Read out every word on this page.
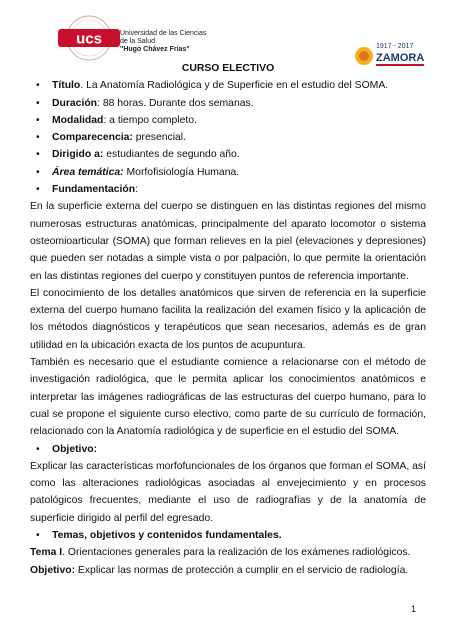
ucs	Universidad de las Ciencias
de la Salud
"Hugo Chávez Frías"	1917 - 2017
ZAMORA

CURSO ELECTIVO

• Título. La Anatomía Radiológica y de Superficie en el estudio del SOMA.

• Duración: 88 horas. Durante dos semanas.

• Modalidad: a tiempo completo.

• Comparecencia: presencial.

• Dirigido a: estudiantes de segundo año.

• Área temática: Morfofisiología Humana.

• Fundamentación:

En la superficie externa del cuerpo se distinguen en las distintas regiones del mismo numerosas estructuras anatómicas, principalmente del aparato locomotor o sistema osteomioarticular (SOMA) que forman relieves en la piel (elevaciones y depresiones) que pueden ser notadas a simple vista o por palpación, lo que permite la orientación en las distintas regiones del cuerpo y constituyen puntos de referencia importante.

El conocimiento de los detalles anatómicos que sirven de referencia en la superficie externa del cuerpo humano facilita la realización del examen físico y la aplicación de los métodos diagnósticos y terapéuticos que sean necesarios, además es de gran utilidad en la ubicación exacta de los puntos de acupuntura.

También es necesario que el estudiante comience a relacionarse con el método de investigación radiológica, que le permita aplicar los conocimientos anatómicos e interpretar las imágenes radiográficas de las estructuras del cuerpo humano, para lo cual se propone el siguiente curso electivo, como parte de su currículo de formación, relacionado con la Anatomía radiológica y de superficie en el estudio del SOMA.

• Objetivo:

Explicar las características morfofuncionales de los órganos que forman el SOMA, así como las alteraciones radiológicas asociadas al envejecimiento y en procesos patológicos frecuentes, mediante el uso de radiografías y de la anatomía de superficie dirigido al perfil del egresado.

• Temas, objetivos y contenidos fundamentales.

Tema I. Orientaciones generales para la realización de los exámenes radiológicos.

Objetivo: Explicar las normas de protección a cumplir en el servicio de radiología.

1
